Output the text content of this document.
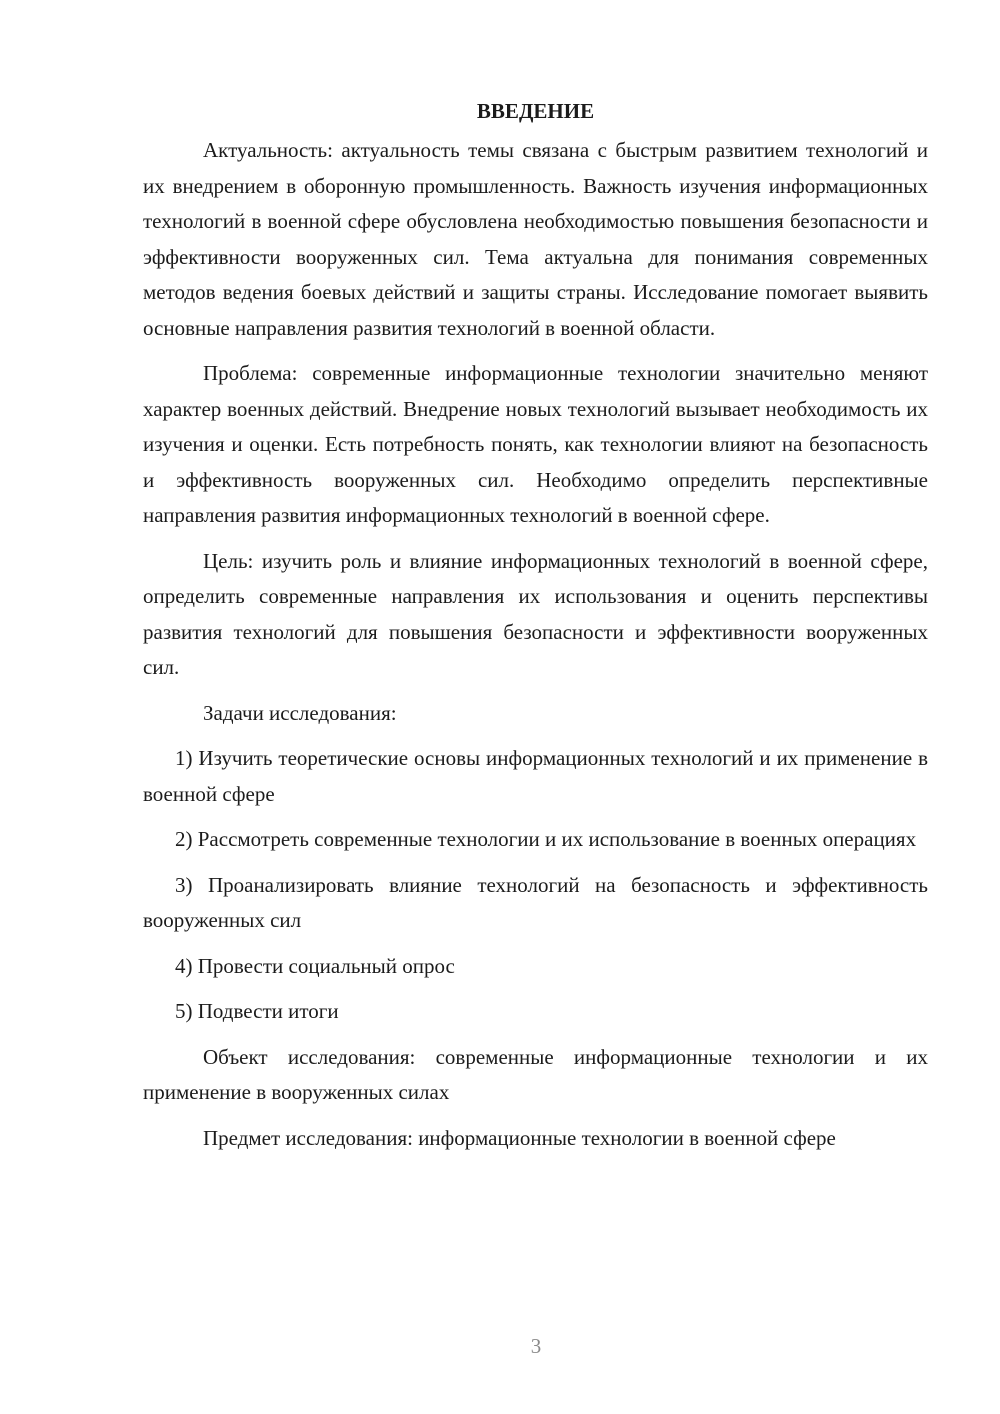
ВВЕДЕНИЕ

Актуальность: актуальность темы связана с быстрым развитием технологий и их внедрением в оборонную промышленность. Важность изучения информационных технологий в военной сфере обусловлена необходимостью повышения безопасности и эффективности вооруженных сил. Тема актуальна для понимания современных методов ведения боевых действий и защиты страны. Исследование помогает выявить основные направления развития технологий в военной области.

Проблема: современные информационные технологии значительно меняют характер военных действий. Внедрение новых технологий вызывает необходимость их изучения и оценки. Есть потребность понять, как технологии влияют на безопасность и эффективность вооруженных сил. Необходимо определить перспективные направления развития информационных технологий в военной сфере.

Цель: изучить роль и влияние информационных технологий в военной сфере, определить современные направления их использования и оценить перспективы развития технологий для повышения безопасности и эффективности вооруженных сил.

Задачи исследования:

1) Изучить теоретические основы информационных технологий и их применение в военной сфере

2) Рассмотреть современные технологии и их использование в военных операциях

3) Проанализировать влияние технологий на безопасность и эффективность вооруженных сил

4) Провести социальный опрос

5) Подвести итоги

Объект исследования: современные информационные технологии и их применение в вооруженных силах

Предмет исследования: информационные технологии в военной сфере

3
